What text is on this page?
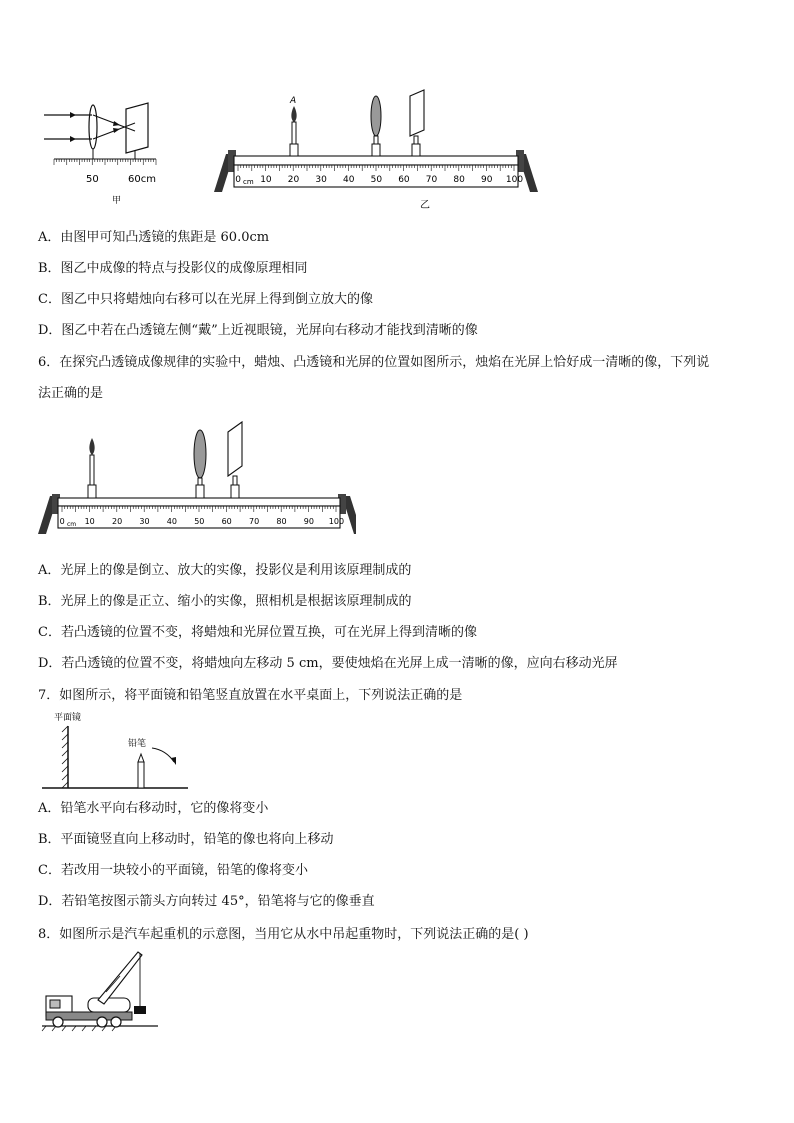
50	60cm
甲
0 10 20 30 40 50 60 70 80 90 100
cm
A
乙
A．由图甲可知凸透镜的焦距是 60.0cm
B．图乙中成像的特点与投影仪的成像原理相同
C．图乙中只将蜡烛向右移可以在光屏上得到倒立放大的像
D．图乙中若在凸透镜左侧“戴”上近视眼镜，光屏向右移动才能找到清晰的像
6．在探究凸透镜成像规律的实验中，蜡烛、凸透镜和光屏的位置如图所示，烛焰在光屏上恰好成一清晰的像，下列说
法正确的是
0 10 20 30 40 50 60 70 80 90 100
cm
A．光屏上的像是倒立、放大的实像，投影仪是利用该原理制成的
B．光屏上的像是正立、缩小的实像，照相机是根据该原理制成的
C．若凸透镜的位置不变，将蜡烛和光屏位置互换，可在光屏上得到清晰的像
D．若凸透镜的位置不变，将蜡烛向左移动 5 cm，要使烛焰在光屏上成一清晰的像，应向右移动光屏
7．如图所示，将平面镜和铅笔竖直放置在水平桌面上，下列说法正确的是
平面镜
铅笔
A．铅笔水平向右移动时，它的像将变小
B．平面镜竖直向上移动时，铅笔的像也将向上移动
C．若改用一块较小的平面镜，铅笔的像将变小
D．若铅笔按图示箭头方向转过 45°，铅笔将与它的像垂直
8．如图所示是汽车起重机的示意图，当用它从水中吊起重物时，下列说法正确的是( )
